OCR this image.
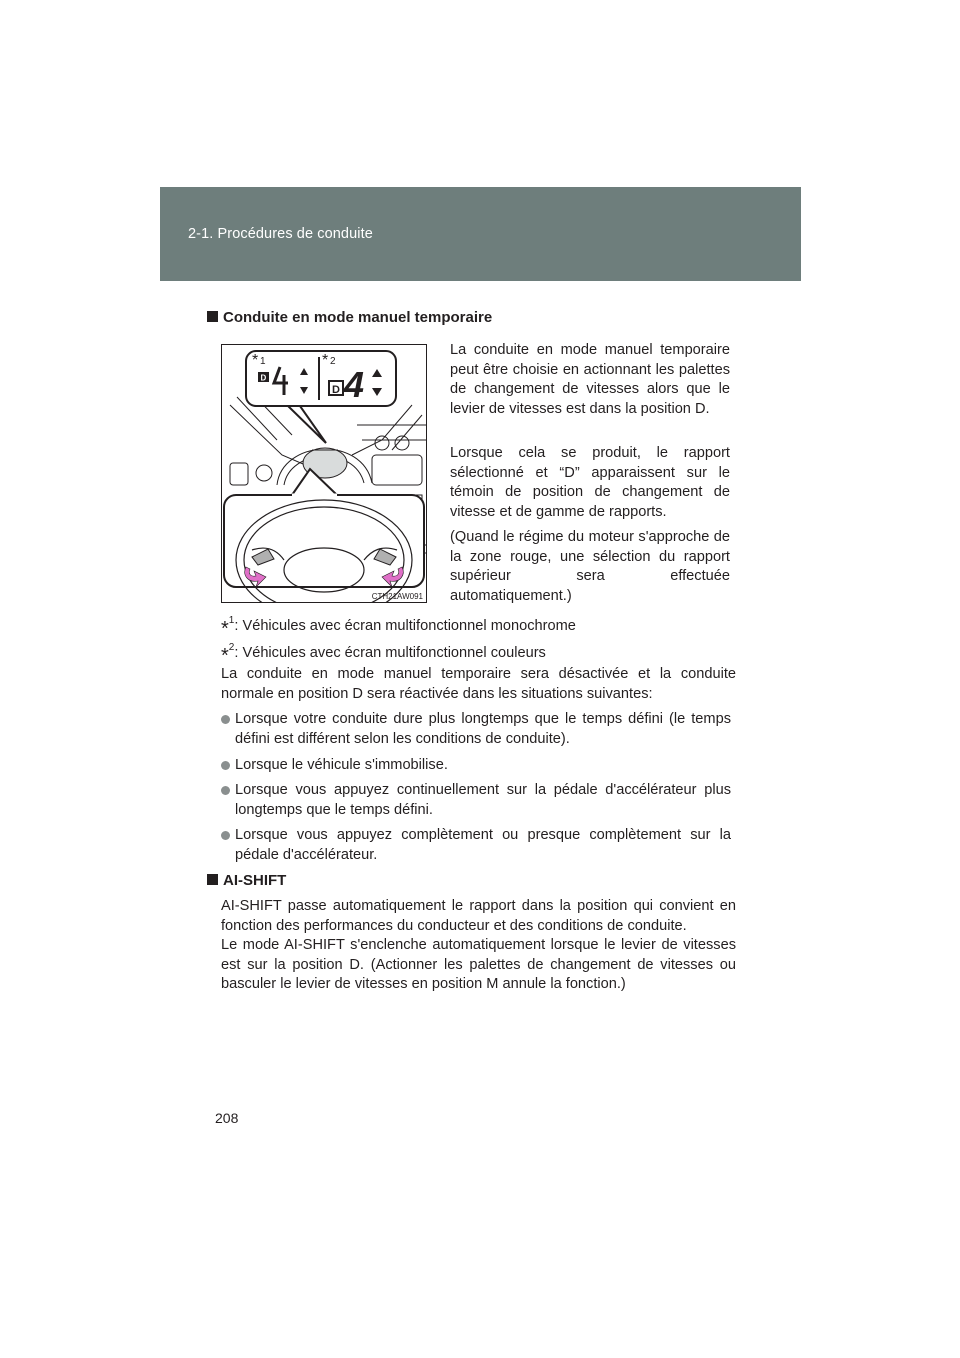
2-1. Procédures de conduite
Conduite en mode manuel temporaire
* 1	* 2
D
D 4
CTH21AW091
La conduite en mode manuel temporaire peut être choisie en actionnant les palettes de changement de vitesses alors que le levier de vitesses est dans la position D.
Lorsque cela se produit, le rapport sélectionné et “D” apparaissent sur le témoin de position de changement de vitesse et de gamme de rapports.
(Quand le régime du moteur s'approche de la zone rouge, une sélection du rapport supérieur sera effectuée automatiquement.)
*$^1$: Véhicules avec écran multifonctionnel monochrome
*$^2$: Véhicules avec écran multifonctionnel couleurs
La conduite en mode manuel temporaire sera désactivée et la conduite normale en position D sera réactivée dans les situations suivantes:
Lorsque votre conduite dure plus longtemps que le temps défini (le temps défini est différent selon les conditions de conduite).
Lorsque le véhicule s'immobilise.
Lorsque vous appuyez continuellement sur la pédale d'accélérateur plus longtemps que le temps défini.
Lorsque vous appuyez complètement ou presque complètement sur la pédale d'accélérateur.
AI-SHIFT
AI-SHIFT passe automatiquement le rapport dans la position qui convient en fonction des performances du conducteur et des conditions de conduite.
Le mode AI-SHIFT s'enclenche automatiquement lorsque le levier de vitesses est sur la position D. (Actionner les palettes de changement de vitesses ou basculer le levier de vitesses en position M annule la fonction.)
208
